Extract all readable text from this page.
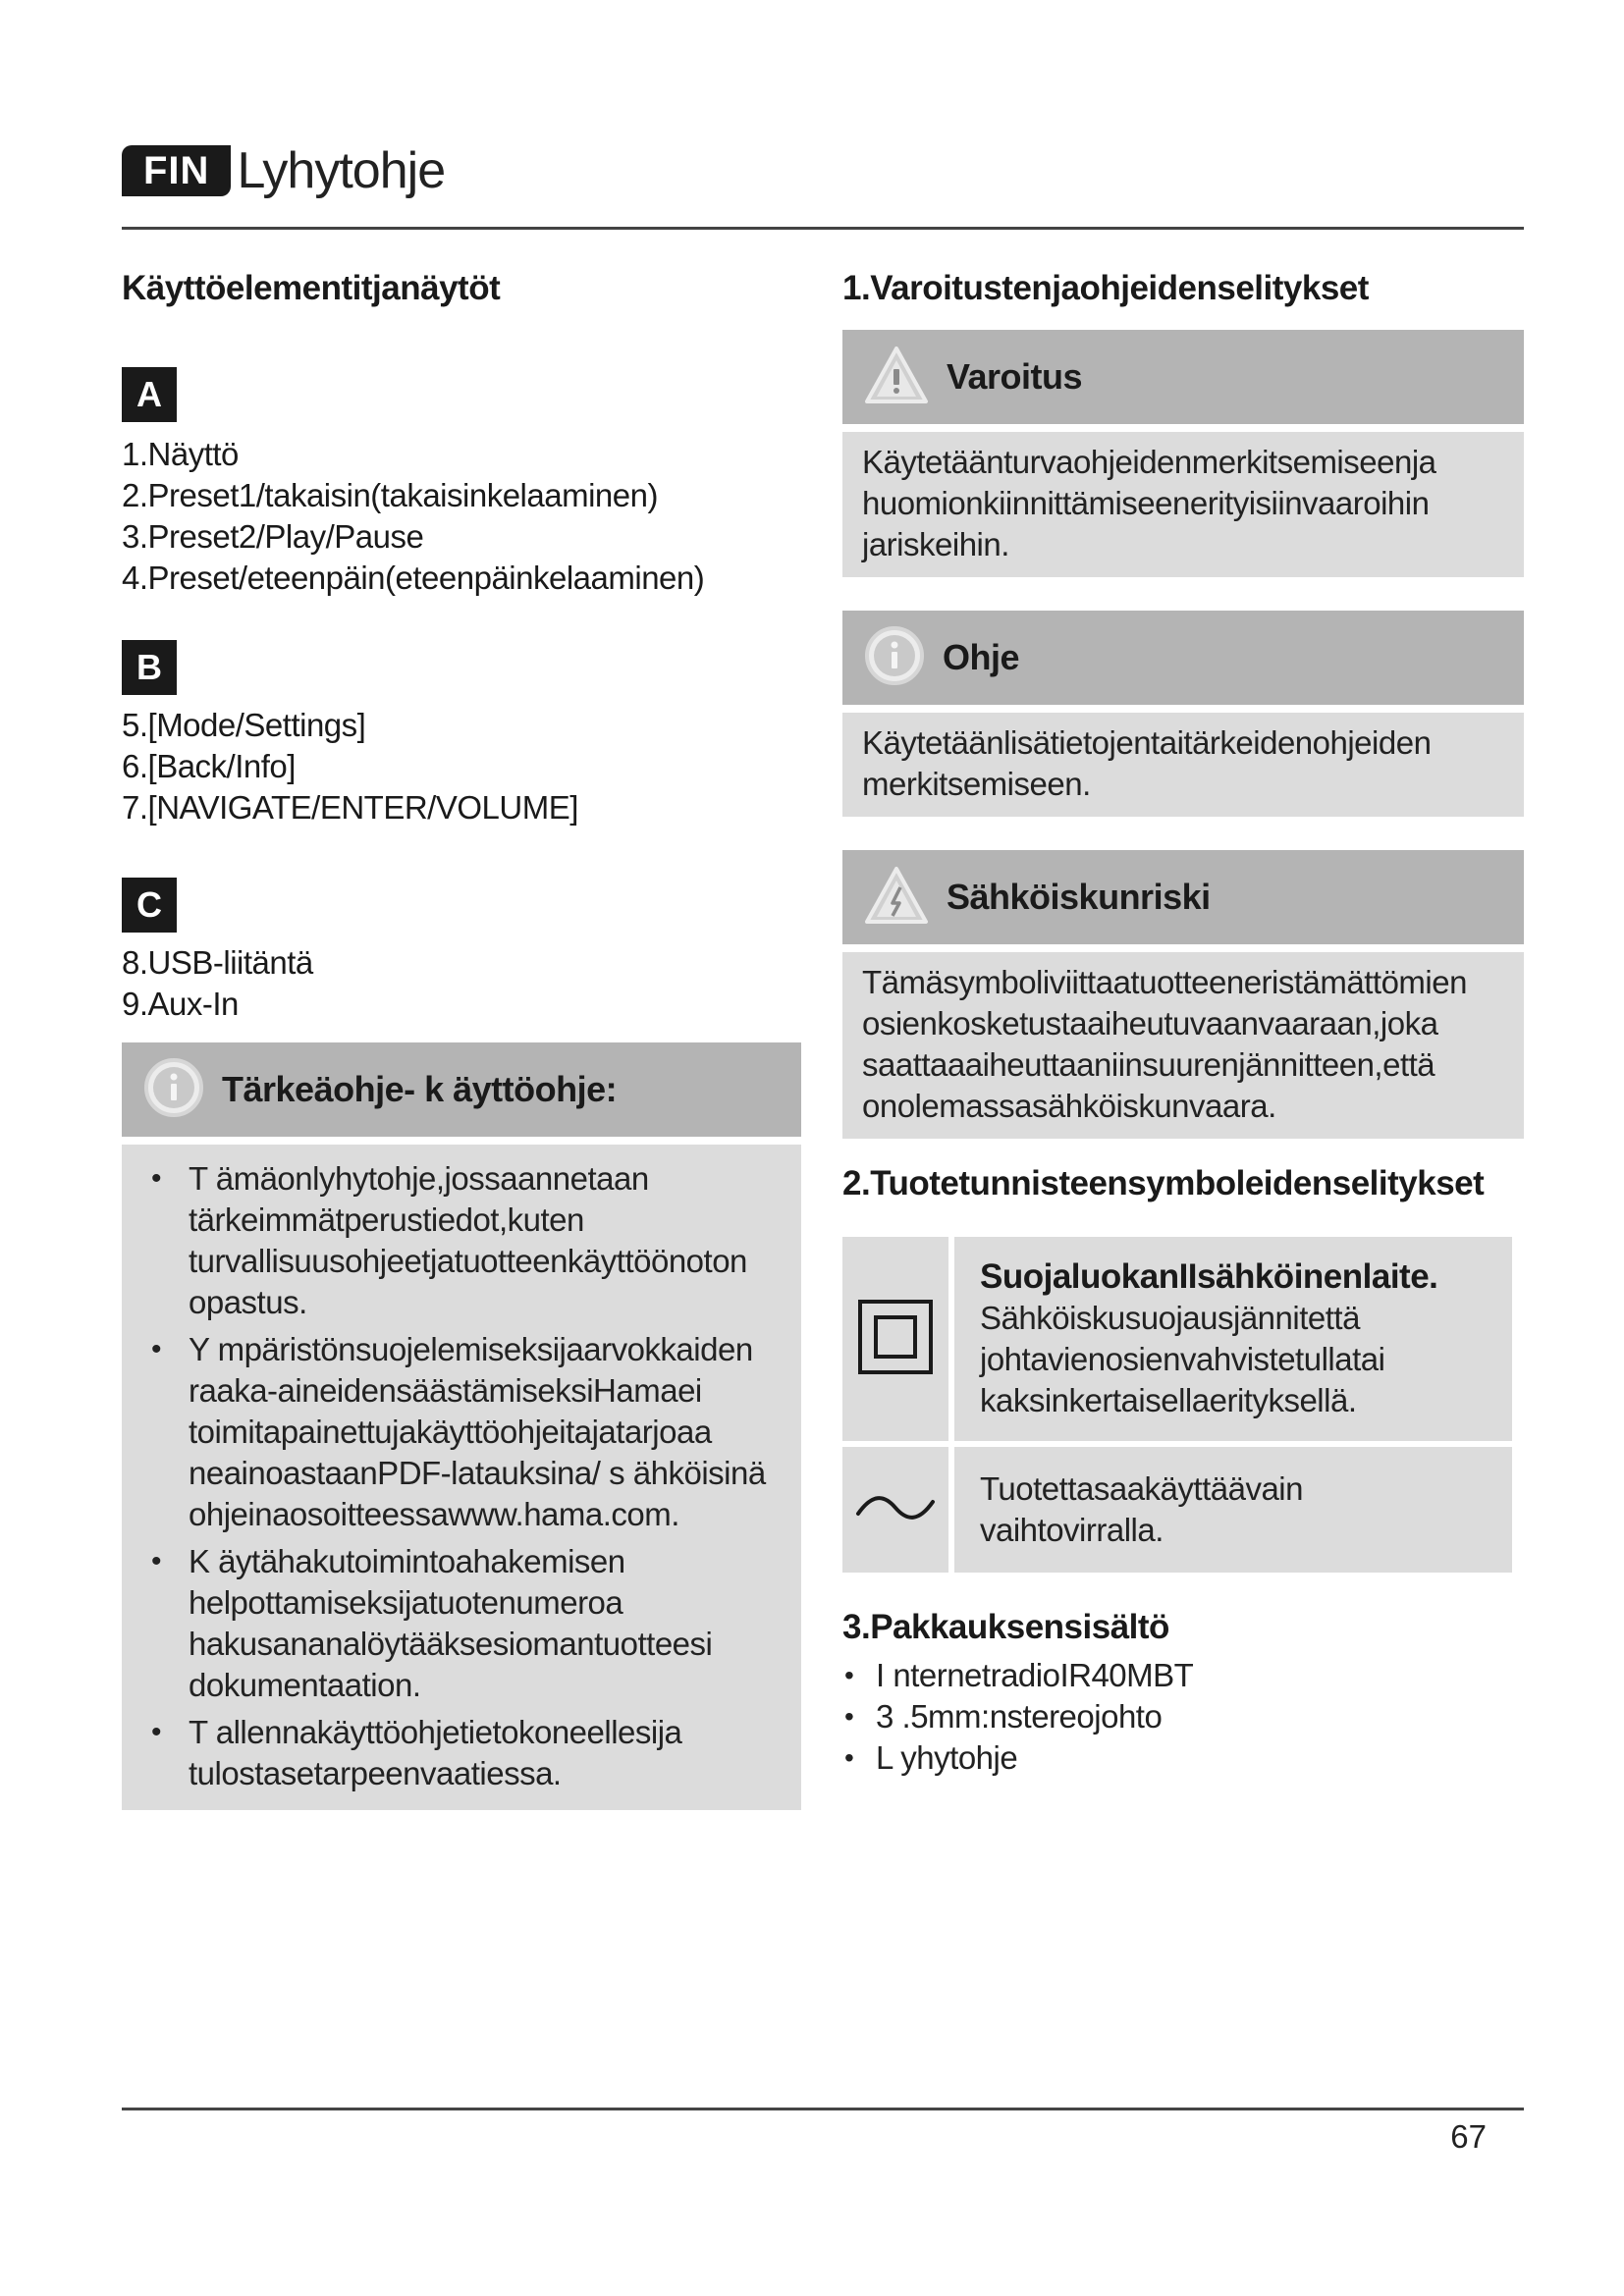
FIN Lyhytohje
Käyttöelementitjanäytöt
A
1.Näyttö
2.Preset1/takaisin(takaisinkelaaminen)
3.Preset2/Play/Pause
4.Preset/eteenpäin(eteenpäinkelaaminen)
B
5.[Mode/Settings]
6.[Back/Info]
7.[NAVIGATE/ENTER/VOLUME]
C
8.USB-liitäntä
9.Aux-In
Tärkeäohje- k äyttöohje:
• T ämäonlyhytohje,jossaannetaan tärkeimmätperustiedot,kuten turvallisuusohjeetjatuotteenkäyttöönoton opastus.
• Y mpäristönsuojelemiseksijaarvokkaiden raaka-aineidensäästämiseksiHamaei toimitapainettujakäyttöohjeitajatarjoaa neainoastaanPDF-latauksina/ s ähköisinä ohjeinaosoitteessawww.hama.com.
• K äytähakutoimintoahakemisen helpottamiseksijatuotenumeroa hakusananalöytääksesiomantuotteesi dokumentaation.
• T allennakäyttöohjetietokoneellesija tulostasetarpeenvaatiessa.
1.Varoitustenjaohjeidenselitykset
Varoitus

Käytetäänturvaohjeidenmerkitsemiseenja

huomionkiinnittämiseenerityisiinvaaroihin

jariskeihin.

Ohje

Käytetäänlisätietojentaitärkeidenohjeiden

merkitsemiseen.

Sähköiskunriski

Tämäsymboliviittaatuotteeneristämättömien

osienkosketustaaiheutuvaanvaaraan,joka

saattaaaiheuttaaniinsuurenjännitteen,että

onolemassasähköiskunvaara.

2.Tuotetunnisteensymboleidenselitykset
SuojaluokanIIsähköinenlaite.
Sähköiskusuojausjännitettä
johtavienosienvahvistetullatai
kaksinkertaisellaerityksellä.
Tuotettasaakäyttäävain
vaihtovirralla.
3.Pakkauksensisältö
• I nternetradioIR40MBT
• 3 .5mm:nstereojohto
• L yhytohje
67
